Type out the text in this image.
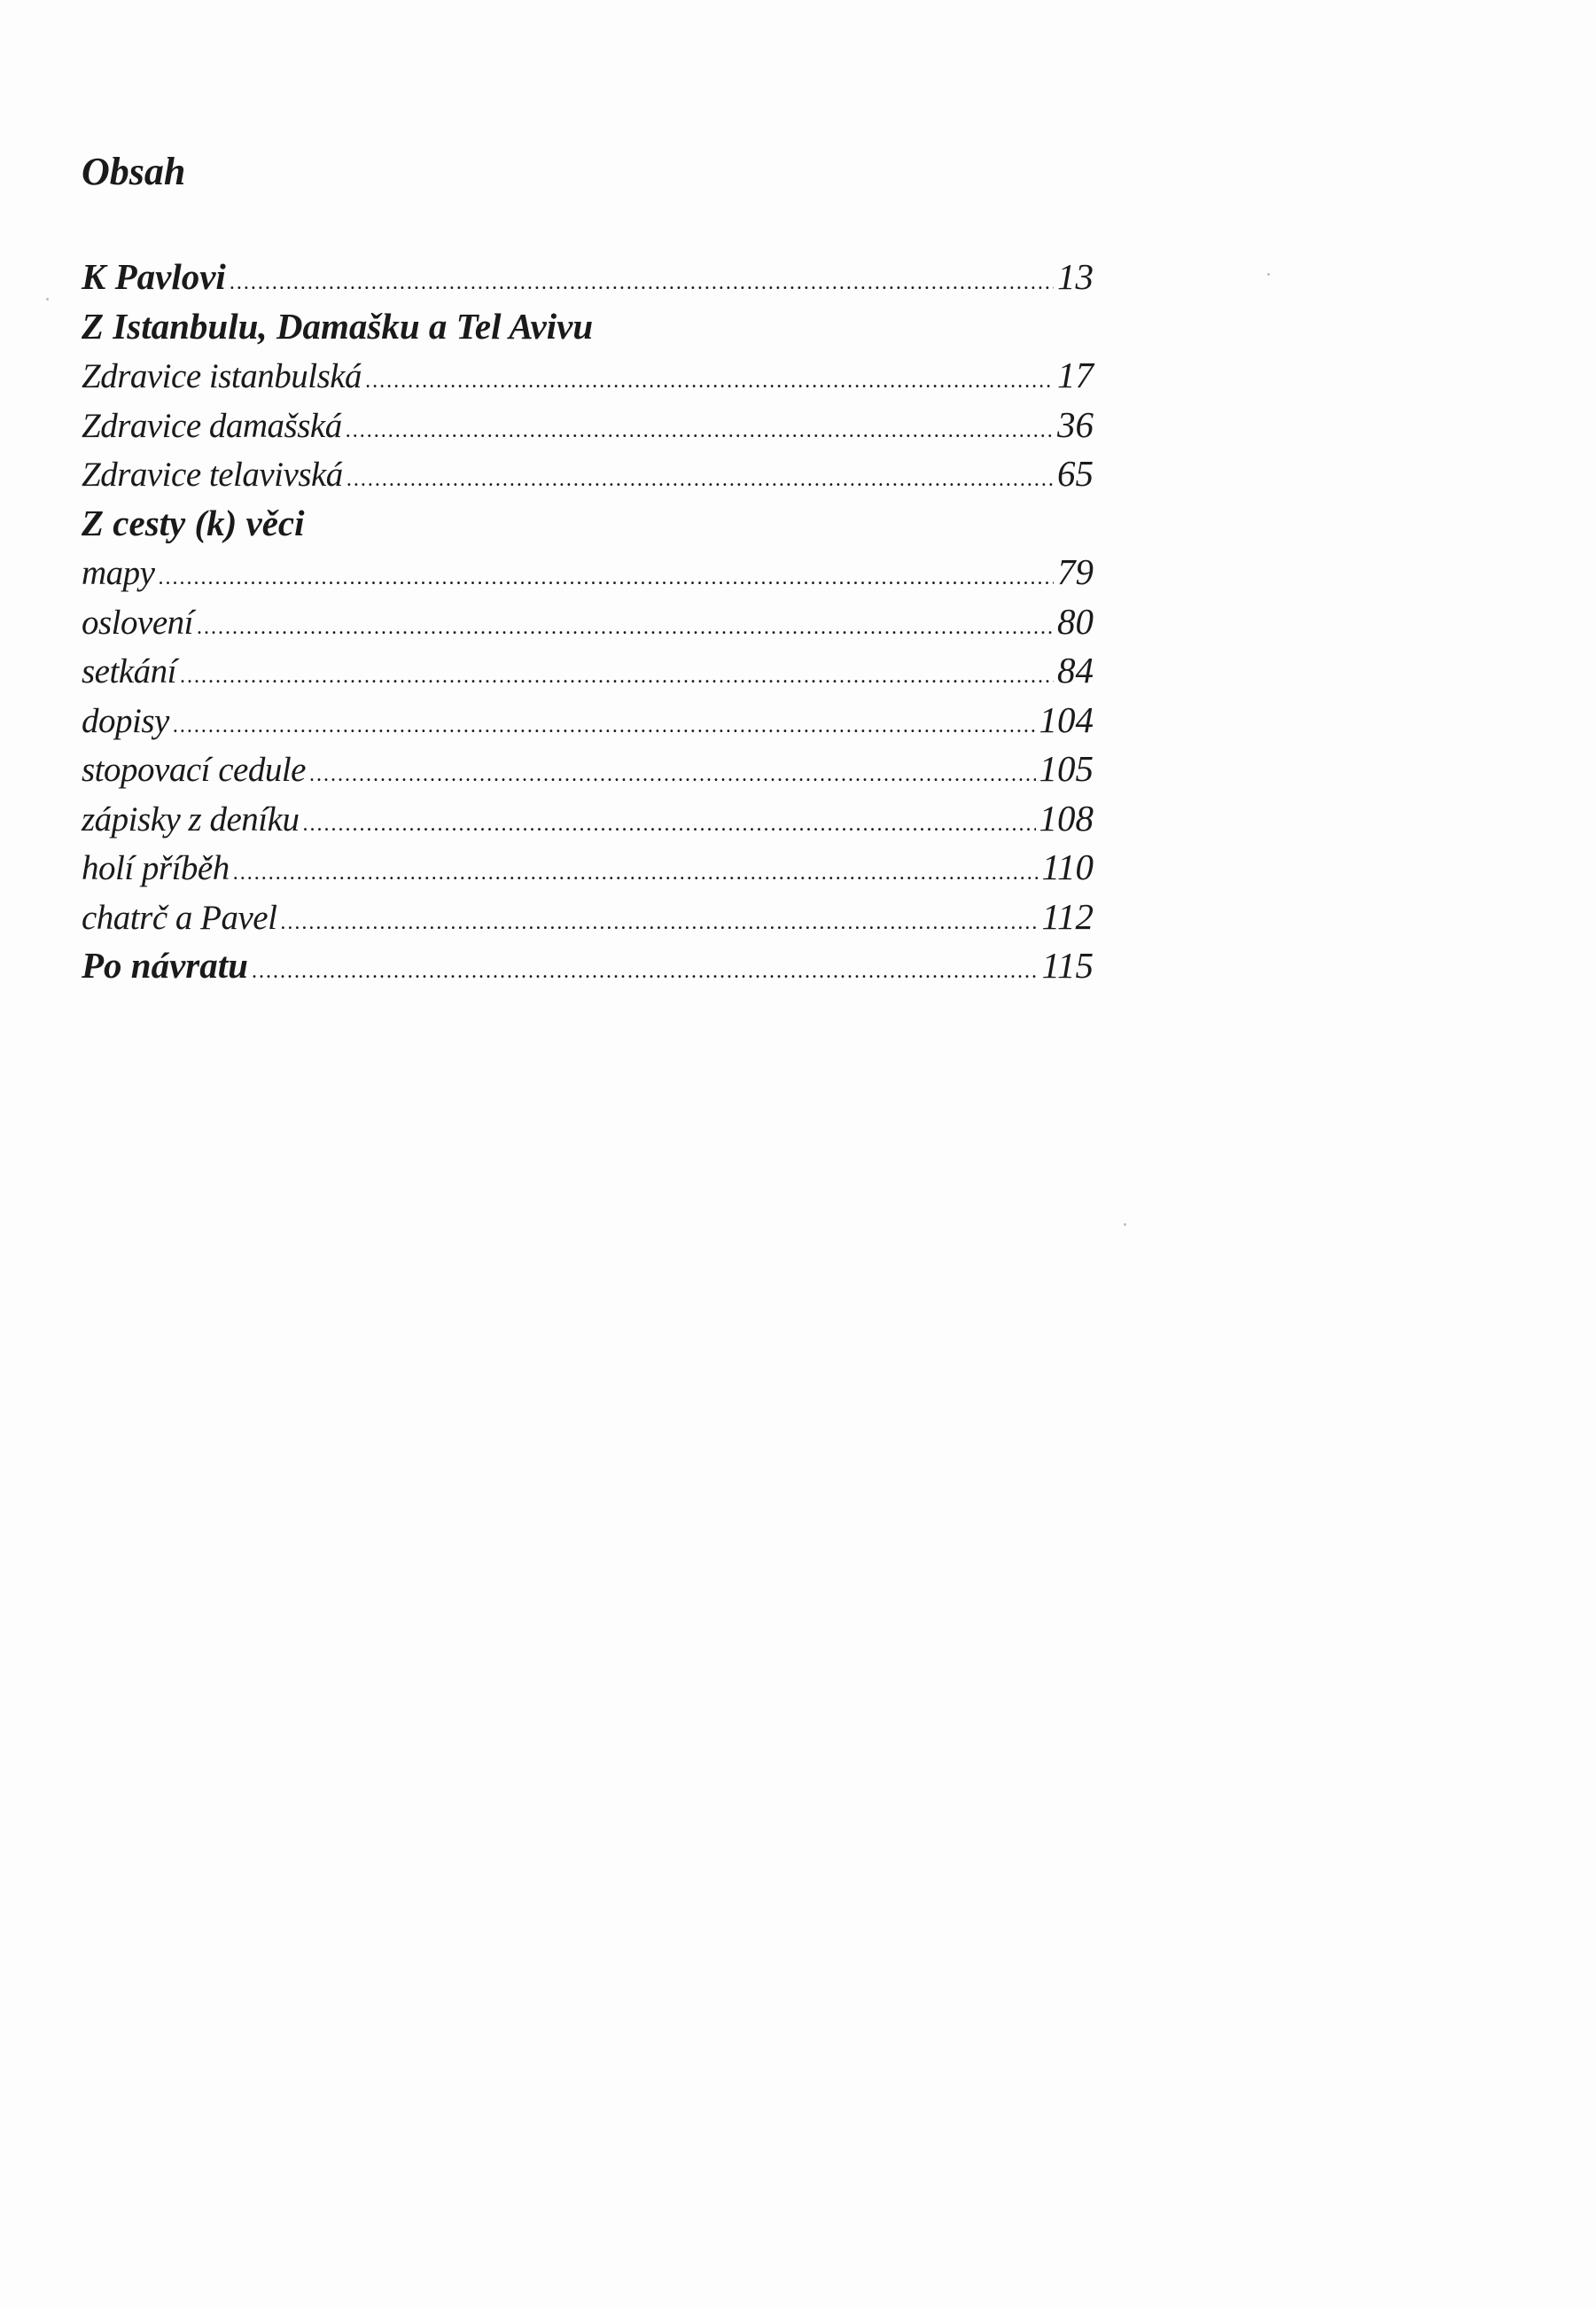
Obsah
K Pavlovi .....	13
Z Istanbulu, Damašku a Tel Avivu
Zdravice istanbulská .....	17
Zdravice damašská .....	36
Zdravice telavivská .....	65
Z cesty (k) věci
mapy .....	79
oslovení .....	80
setkání .....	84
dopisy .....	104
stopovací cedule .....	105
zápisky z deníku .....	108
holí příběh .....	110
chatrč a Pavel .....	112
Po návratu .....	115
